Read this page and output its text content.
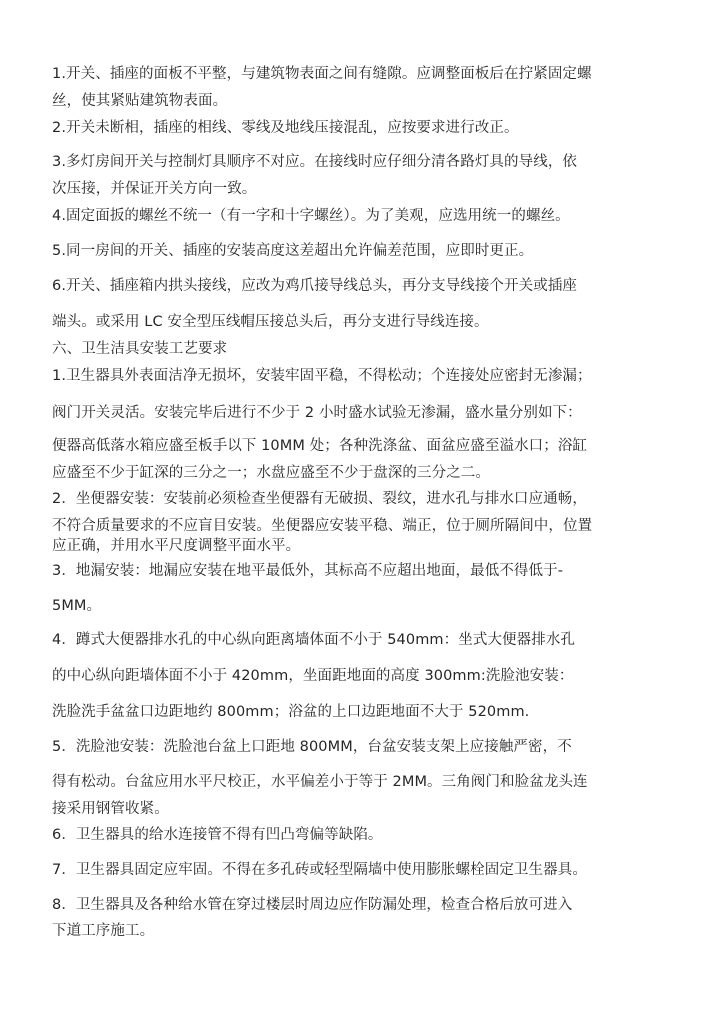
1.开关、插座的面板不平整，与建筑物表面之间有缝隙。应调整面板后在拧紧固定螺
丝，使其紧贴建筑物表面。
2.开关未断相，插座的相线、零线及地线压接混乱，应按要求进行改正。
3.多灯房间开关与控制灯具顺序不对应。在接线时应仔细分清各路灯具的导线，依
次压接，并保证开关方向一致。
4.固定面扳的螺丝不统一（有一字和十字螺丝）。为了美观，应选用统一的螺丝。
5.同一房间的开关、插座的安装高度这差超出允许偏差范围，应即时更正。
6.开关、插座箱内拱头接线，应改为鸡爪接导线总头，再分支导线接个开关或插座
端头。或采用 LC 安全型压线帽压接总头后，再分支进行导线连接。
六、卫生洁具安装工艺要求
1.卫生器具外表面洁净无损坏，安装牢固平稳，不得松动；个连接处应密封无渗漏；
阀门开关灵活。安装完毕后进行不少于 2 小时盛水试验无渗漏，盛水量分别如下：
便器高低落水箱应盛至板手以下 10MM 处；各种洗涤盆、面盆应盛至溢水口；浴缸
应盛至不少于缸深的三分之一；水盘应盛至不少于盘深的三分之二。
2．坐便器安装：安装前必须检查坐便器有无破损、裂纹，进水孔与排水口应通畅，
不符合质量要求的不应盲目安装。坐便器应安装平稳、端正，位于厕所隔间中，位置
应正确，并用水平尺度调整平面水平。
3．地漏安装：地漏应安装在地平最低外，其标高不应超出地面，最低不得低于-
5MM。
4．蹲式大便器排水孔的中心纵向距离墙体面不小于 540mm：坐式大便器排水孔
的中心纵向距墙体面不小于 420mm，坐面距地面的高度 300mm:洗脸池安装：
洗脸洗手盆盆口边距地约 800mm；浴盆的上口边距地面不大于 520mm.
5．洗脸池安装：洗脸池台盆上口距地 800MM，台盆安装支架上应接触严密，不
得有松动。台盆应用水平尺校正，水平偏差小于等于 2MM。三角阀门和脸盆龙头连
接采用钢管收紧。
6．卫生器具的给水连接管不得有凹凸弯偏等缺陷。
7．卫生器具固定应牢固。不得在多孔砖或轻型隔墙中使用膨胀螺栓固定卫生器具。
8．卫生器具及各种给水管在穿过楼层时周边应作防漏处理，检查合格后放可进入
下道工序施工。
